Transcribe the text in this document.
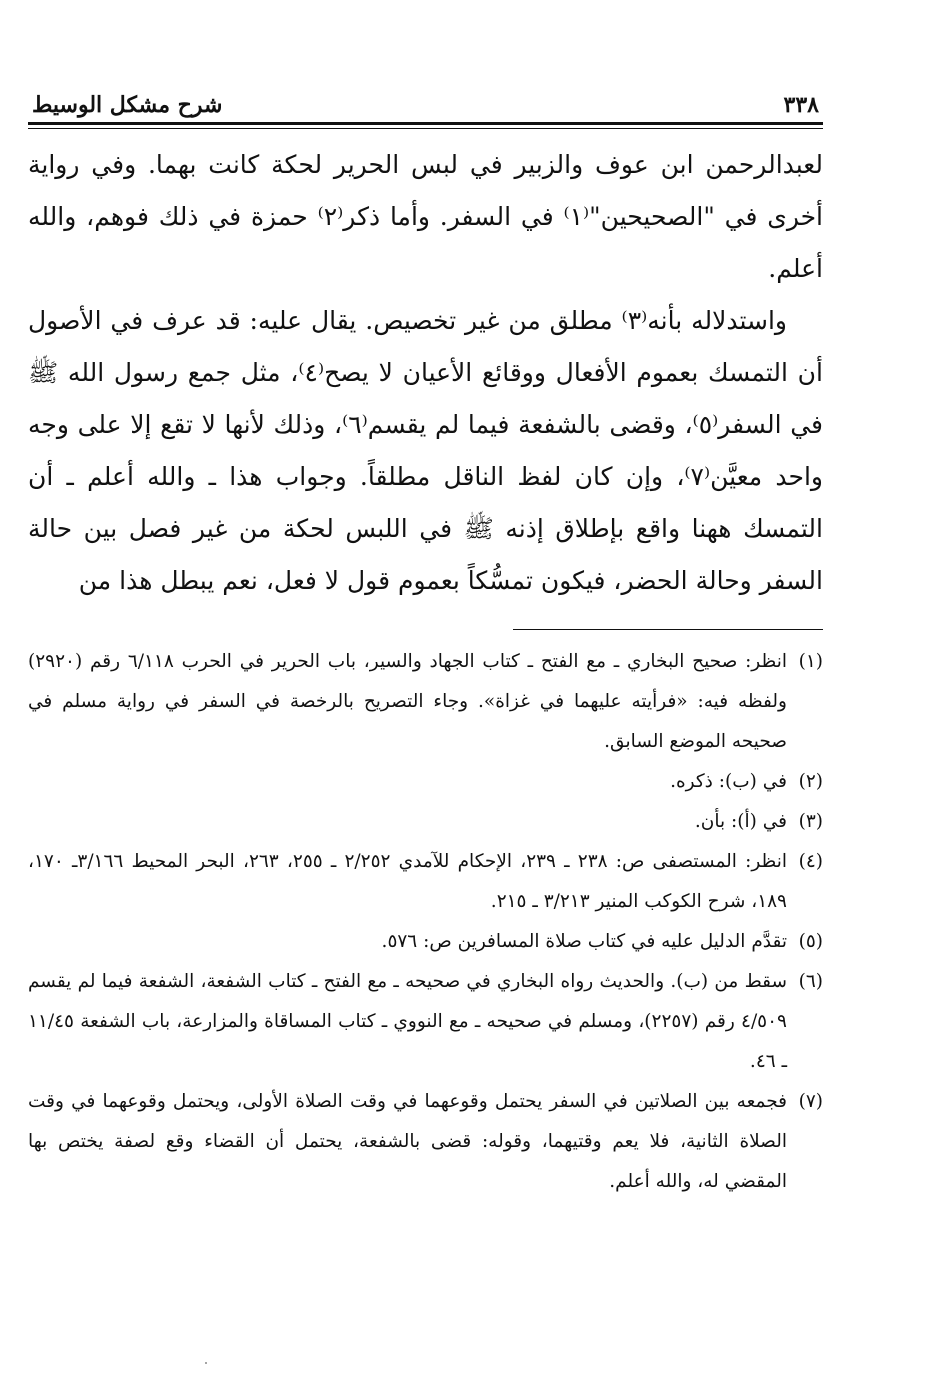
٣٣٨
شرح مشكل الوسيط

لعبدالرحمن ابن عوف والزبير في لبس الحرير لحكة كانت بهما. وفي رواية أخرى في "الصحيحين"⁽١⁾ في السفر. وأما ذكر⁽٢⁾ حمزة في ذلك فوهم، والله أعلم.

واستدلاله بأنه⁽٣⁾ مطلق من غير تخصيص. يقال عليه: قد عرف في الأصول أن التمسك بعموم الأفعال ووقائع الأعيان لا يصح⁽٤⁾، مثل جمع رسول الله ﷺ في السفر⁽٥⁾، وقضى بالشفعة فيما لم يقسم⁽٦⁾، وذلك لأنها لا تقع إلا على وجه واحد معيَّن⁽٧⁾، وإن كان لفظ الناقل مطلقاً. وجواب هذا ـ والله أعلم ـ أن التمسك ههنا واقع بإطلاق إذنه ﷺ في اللبس لحكة من غير فصل بين حالة السفر وحالة الحضر، فيكون تمسُّكاً بعموم قول لا فعل، نعم يبطل هذا من

(١)انظر: صحيح البخاري ـ مع الفتح ـ كتاب الجهاد والسير، باب الحرير في الحرب ٦/١١٨ رقم (٢٩٢٠) ولفظه فيه: «فرأيته عليهما في غزاة». وجاء التصريح بالرخصة في السفر في رواية مسلم في صحيحه الموضع السابق.

(٢)في (ب): ذكره.

(٣)في (أ): بأن.

(٤)انظر: المستصفى ص: ٢٣٨ ـ ٢٣٩، الإحكام للآمدي ٢/٢٥٢ ـ ٢٥٥، ٢٦٣، البحر المحيط ٣/١٦٦ـ ١٧٠، ١٨٩، شرح الكوكب المنير ٣/٢١٣ ـ ٢١٥.

(٥)تقدَّم الدليل عليه في كتاب صلاة المسافرين ص: ٥٧٦.

(٦)سقط من (ب). والحديث رواه البخاري في صحيحه ـ مع الفتح ـ كتاب الشفعة، الشفعة فيما لم يقسم ٤/٥٠٩ رقم (٢٢٥٧)، ومسلم في صحيحه ـ مع النووي ـ كتاب المساقاة والمزارعة، باب الشفعة ١١/٤٥ ـ ٤٦.

(٧)فجمعه بين الصلاتين في السفر يحتمل وقوعهما في وقت الصلاة الأولى، ويحتمل وقوعهما في وقت الصلاة الثانية، فلا يعم وقتيهما، وقوله: قضى بالشفعة، يحتمل أن القضاء وقع لصفة يختص بها المقضي له، والله أعلم.
